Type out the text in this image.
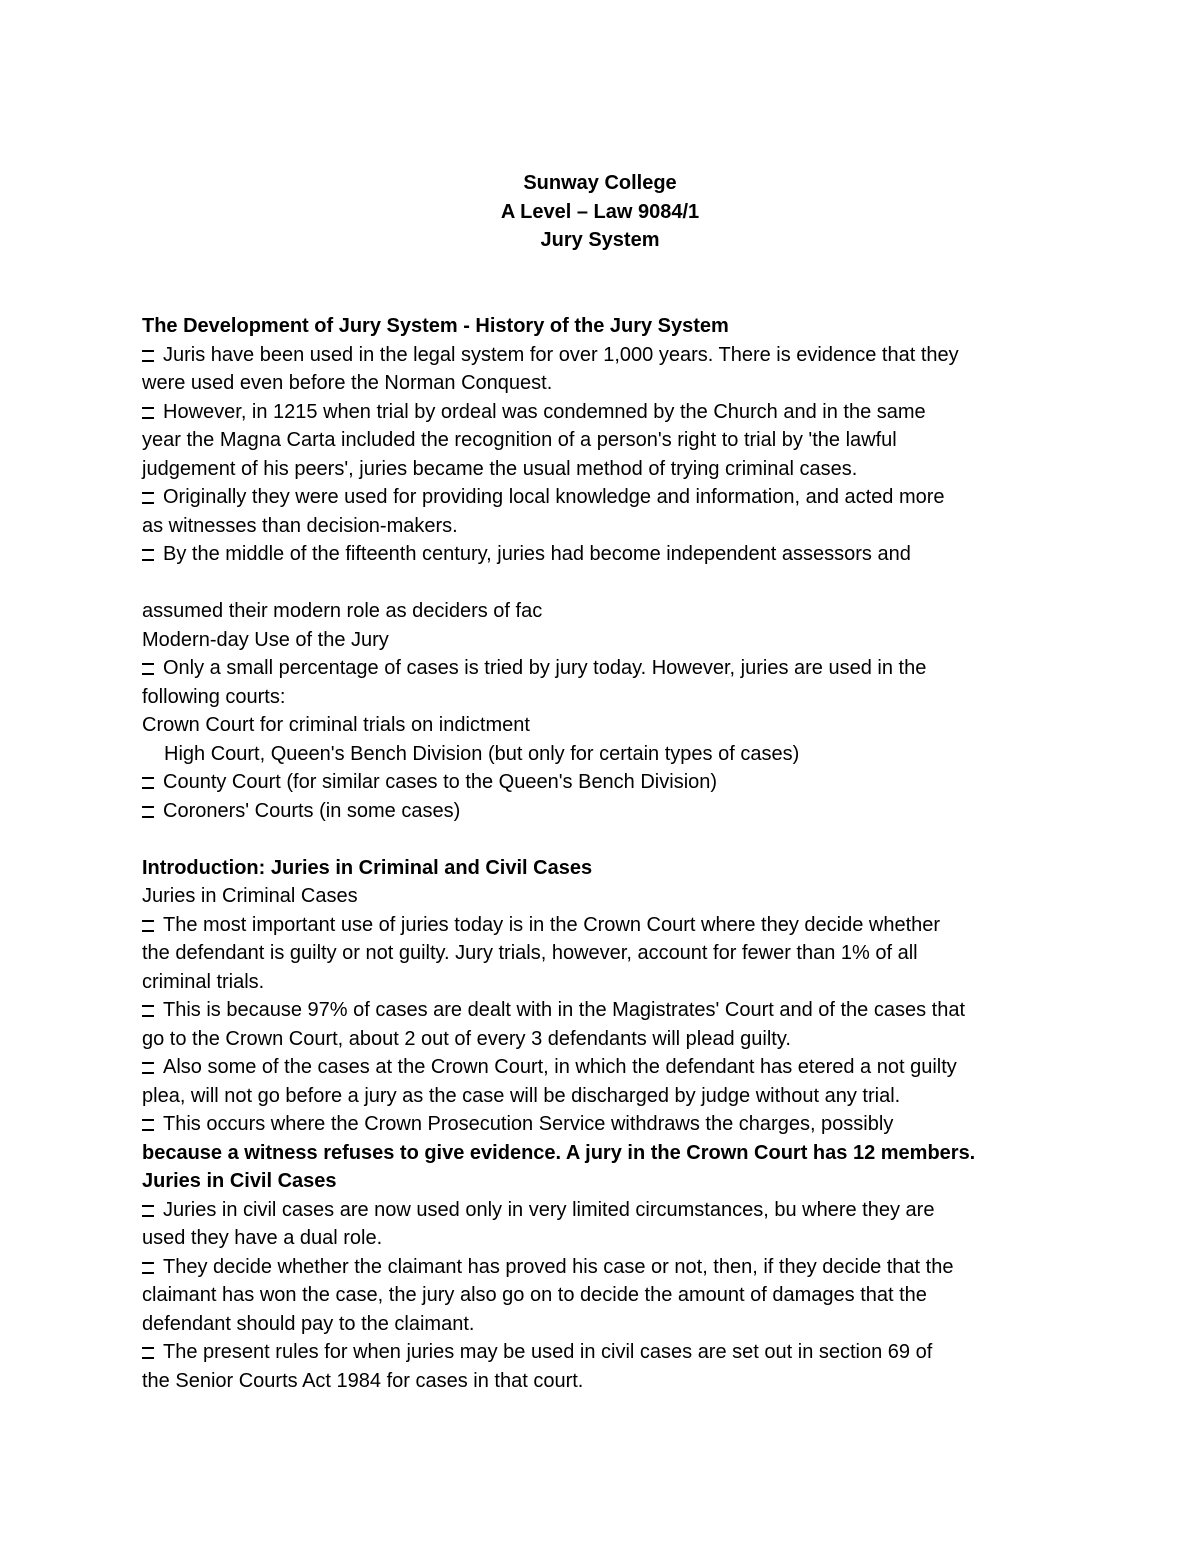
Sunway College
A Level – Law 9084/1
Jury System
The Development of Jury System - History of the Jury System
Juris have been used in the legal system for over 1,000 years. There is evidence that they
were used even before the Norman Conquest.
However, in 1215 when trial by ordeal was condemned by the Church and in the same
year the Magna Carta included the recognition of a person's right to trial by 'the lawful
judgement of his peers', juries became the usual method of trying criminal cases.
Originally they were used for providing local knowledge and information, and acted more
as witnesses than decision-makers.
By the middle of the fifteenth century, juries had become independent assessors and
assumed their modern role as deciders of fac
Modern-day Use of the Jury
Only a small percentage of cases is tried by jury today. However, juries are used in the
following courts:
Crown Court for criminal trials on indictment
High Court, Queen's Bench Division (but only for certain types of cases)
County Court (for similar cases to the Queen's Bench Division)
Coroners' Courts (in some cases)
Introduction: Juries in Criminal and Civil Cases
Juries in Criminal Cases
The most important use of juries today is in the Crown Court where they decide whether
the defendant is guilty or not guilty. Jury trials, however, account for fewer than 1% of all
criminal trials.
This is because 97% of cases are dealt with in the Magistrates' Court and of the cases that
go to the Crown Court, about 2 out of every 3 defendants will plead guilty.
Also some of the cases at the Crown Court, in which the defendant has etered a not guilty
plea, will not go before a jury as the case will be discharged by judge without any trial.
This occurs where the Crown Prosecution Service withdraws the charges, possibly
because a witness refuses to give evidence. A jury in the Crown Court has 12 members.
Juries in Civil Cases
Juries in civil cases are now used only in very limited circumstances, bu where they are
used they have a dual role.
They decide whether the claimant has proved his case or not, then, if they decide that the
claimant has won the case, the jury also go on to decide the amount of damages that the
defendant should pay to the claimant.
The present rules for when juries may be used in civil cases are set out in section 69 of
the Senior Courts Act 1984 for cases in that court.
